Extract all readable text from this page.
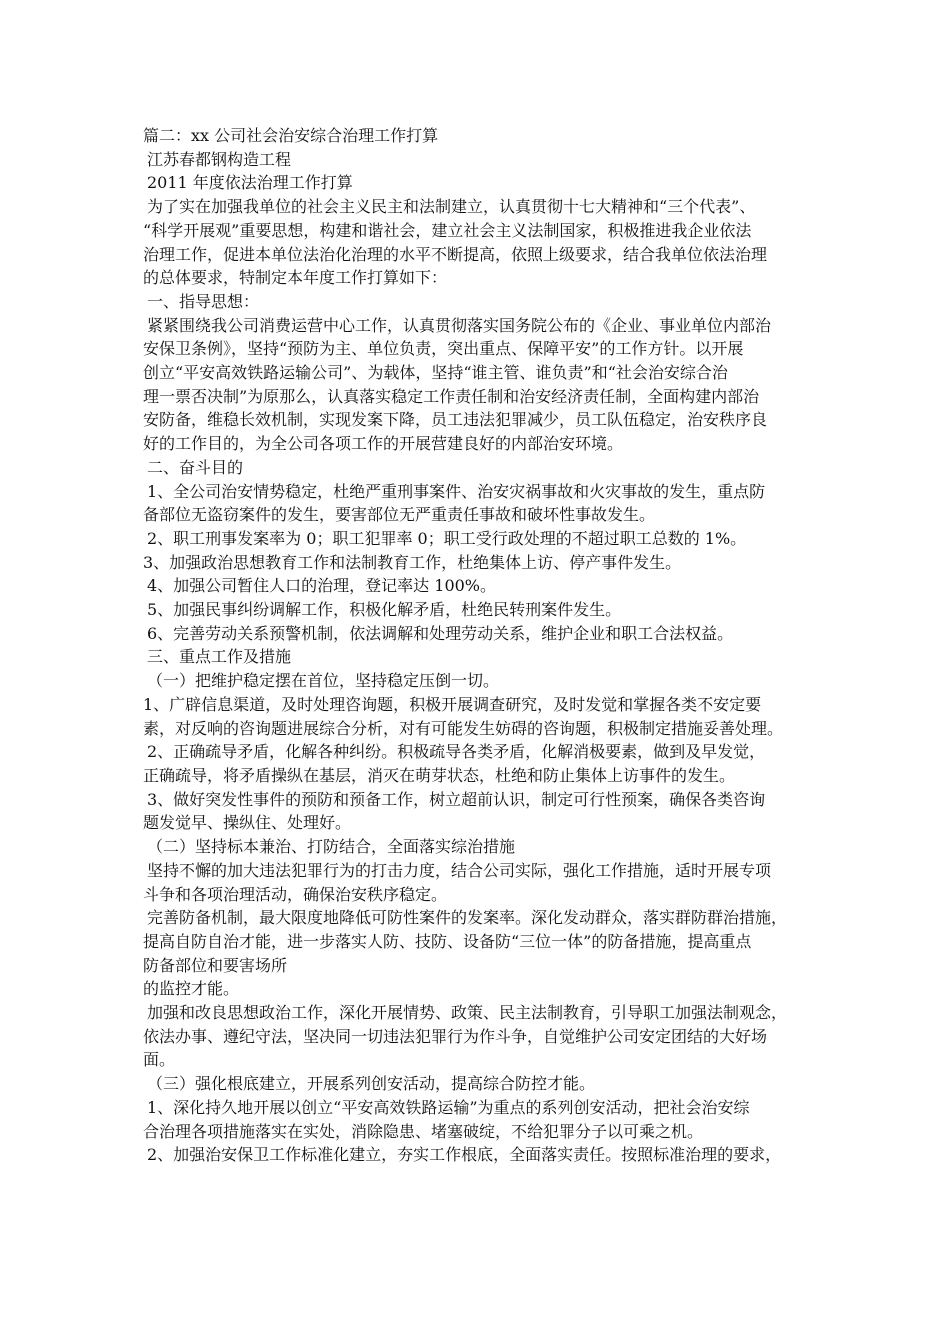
篇二：xx 公司社会治安综合治理工作打算
江苏春都钢构造工程
2011 年度依法治理工作打算
为了实在加强我单位的社会主义民主和法制建立，认真贯彻十七大精神和“三个代表”、
“科学开展观”重要思想，构建和谐社会，建立社会主义法制国家，积极推进我企业依法
治理工作，促进本单位法治化治理的水平不断提高，依照上级要求，结合我单位依法治理
的总体要求，特制定本年度工作打算如下：
一、指导思想：
紧紧围绕我公司消费运营中心工作，认真贯彻落实国务院公布的《企业、事业单位内部治
安保卫条例》，坚持“预防为主、单位负责，突出重点、保障平安”的工作方针。以开展
创立“平安高效铁路运输公司”、为载体，坚持“谁主管、谁负责”和“社会治安综合治
理一票否决制”为原那么，认真落实稳定工作责任制和治安经济责任制，全面构建内部治
安防备，维稳长效机制，实现发案下降，员工违法犯罪减少，员工队伍稳定，治安秩序良
好的工作目的，为全公司各项工作的开展营建良好的内部治安环境。
二、奋斗目的
1、全公司治安情势稳定，杜绝严重刑事案件、治安灾祸事故和火灾事故的发生，重点防
备部位无盗窃案件的发生，要害部位无严重责任事故和破坏性事故发生。
2、职工刑事发案率为 0；职工犯罪率 0；职工受行政处理的不超过职工总数的 1%。
3、加强政治思想教育工作和法制教育工作，杜绝集体上访、停产事件发生。
4、加强公司暂住人口的治理，登记率达 100%。
5、加强民事纠纷调解工作，积极化解矛盾，杜绝民转刑案件发生。
6、完善劳动关系预警机制，依法调解和处理劳动关系，维护企业和职工合法权益。
三、重点工作及措施
（一）把维护稳定摆在首位，坚持稳定压倒一切。
1、广辟信息渠道，及时处理咨询题，积极开展调查研究，及时发觉和掌握各类不安定要
素，对反响的咨询题进展综合分析，对有可能发生妨碍的咨询题，积极制定措施妥善处理。
2、正确疏导矛盾，化解各种纠纷。积极疏导各类矛盾，化解消极要素，做到及早发觉，
正确疏导，将矛盾操纵在基层，消灭在萌芽状态，杜绝和防止集体上访事件的发生。
3、做好突发性事件的预防和预备工作，树立超前认识，制定可行性预案，确保各类咨询
题发觉早、操纵住、处理好。
（二）坚持标本兼治、打防结合，全面落实综治措施
坚持不懈的加大违法犯罪行为的打击力度，结合公司实际，强化工作措施，适时开展专项
斗争和各项治理活动，确保治安秩序稳定。
完善防备机制，最大限度地降低可防性案件的发案率。深化发动群众，落实群防群治措施，
提高自防自治才能，进一步落实人防、技防、设备防“三位一体”的防备措施，提高重点
防备部位和要害场所
的监控才能。
加强和改良思想政治工作，深化开展情势、政策、民主法制教育，引导职工加强法制观念，
依法办事、遵纪守法，坚决同一切违法犯罪行为作斗争，自觉维护公司安定团结的大好场
面。
（三）强化根底建立，开展系列创安活动，提高综合防控才能。
1、深化持久地开展以创立“平安高效铁路运输”为重点的系列创安活动，把社会治安综
合治理各项措施落实在实处，消除隐患、堵塞破绽，不给犯罪分子以可乘之机。
2、加强治安保卫工作标准化建立，夯实工作根底，全面落实责任。按照标准治理的要求，
